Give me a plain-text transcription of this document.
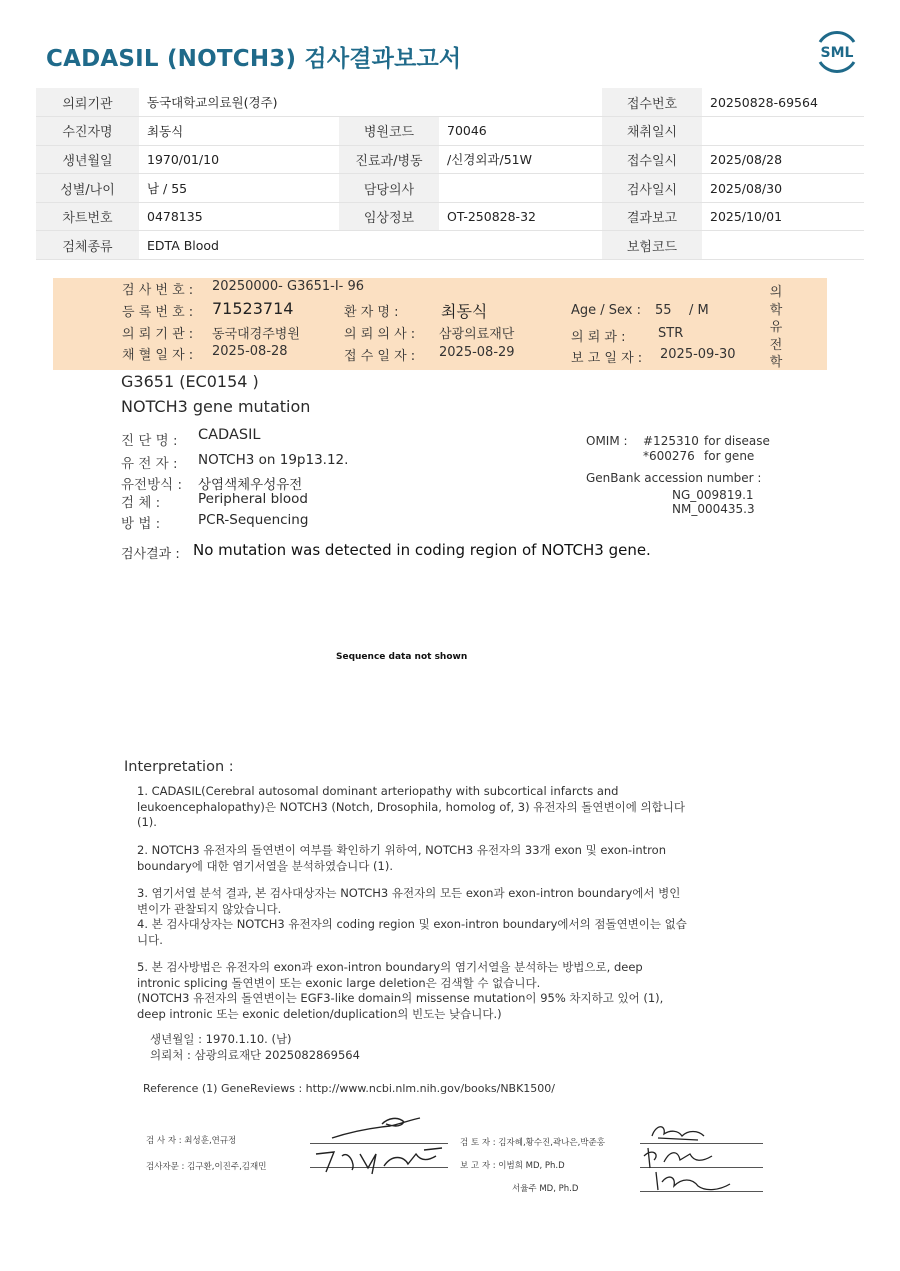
CADASIL (NOTCH3) 검사결과보고서	SML
의뢰기관	동국대학교의료원(경주)			접수번호	20250828-69564
수진자명	최동식	병원코드	70046	채취일시	
생년월일	1970/01/10	진료과/병동	/신경외과/51W	접수일시	2025/08/28
성별/나이	남 / 55	담당의사		검사일시	2025/08/30
차트번호	0478135	임상정보	OT-250828-32	결과보고	2025/10/01
검체종류	EDTA Blood			보험코드	
검 사 번 호 : 20250000- G3651-I- 96
등 록 번 호 : 71523714	환 자 명 :	최동식	Age / Sex : 55 / M
의 뢰 기 관 : 동국대경주병원	의 뢰 의 사 : 삼광의료재단	의 뢰 과 :	STR
채 혈 일 자 : 2025-08-28	접 수 일 자 : 2025-08-29	보 고 일 자 : 2025-09-30
의
학
유
전
학
G3651 (EC0154 )
NOTCH3 gene mutation
진 단 명 : CADASIL
유 전 자 : NOTCH3 on 19p13.12.
유전방식 : 상염색체우성유전
검 체 :	Peripheral blood
방 법 :	PCR-Sequencing
OMIM : #125310 for disease
*600276 for gene
GenBank accession number :
NG_009819.1
NM_000435.3
검사결과 : No mutation was detected in coding region of NOTCH3 gene.
Sequence data not shown
Interpretation :
1. CADASIL(Cerebral autosomal dominant arteriopathy with subcortical infarcts and
leukoencephalopathy)은 NOTCH3 (Notch, Drosophila, homolog of, 3) 유전자의 돌연변이에 의합니다
(1).
2. NOTCH3 유전자의 돌연변이 여부를 확인하기 위하여, NOTCH3 유전자의 33개 exon 및 exon-intron
boundary에 대한 염기서열을 분석하였습니다 (1).
3. 염기서열 분석 결과, 본 검사대상자는 NOTCH3 유전자의 모든 exon과 exon-intron boundary에서 병인
변이가 관찰되지 않았습니다.
4. 본 검사대상자는 NOTCH3 유전자의 coding region 및 exon-intron boundary에서의 점돌연변이는 없습
니다.
5. 본 검사방법은 유전자의 exon과 exon-intron boundary의 염기서열을 분석하는 방법으로, deep
intronic splicing 돌연변이 또는 exonic large deletion은 검색할 수 없습니다.
(NOTCH3 유전자의 돌연변이는 EGF3-like domain의 missense mutation이 95% 차지하고 있어 (1),
deep intronic 또는 exonic deletion/duplication의 빈도는 낮습니다.)
생년월일 : 1970.1.10. (남)
의뢰처 : 삼광의료재단 2025082869564
Reference (1) GeneReviews : http://www.ncbi.nlm.nih.gov/books/NBK1500/
검 사 자 : 최성훈,연규정
검사자문 : 김구환,이진주,김재민
검 토 자 : 김자혜,황수진,곽나은,박준홍
보 고 자 : 이범희 MD, Ph.D
서율주 MD, Ph.D
